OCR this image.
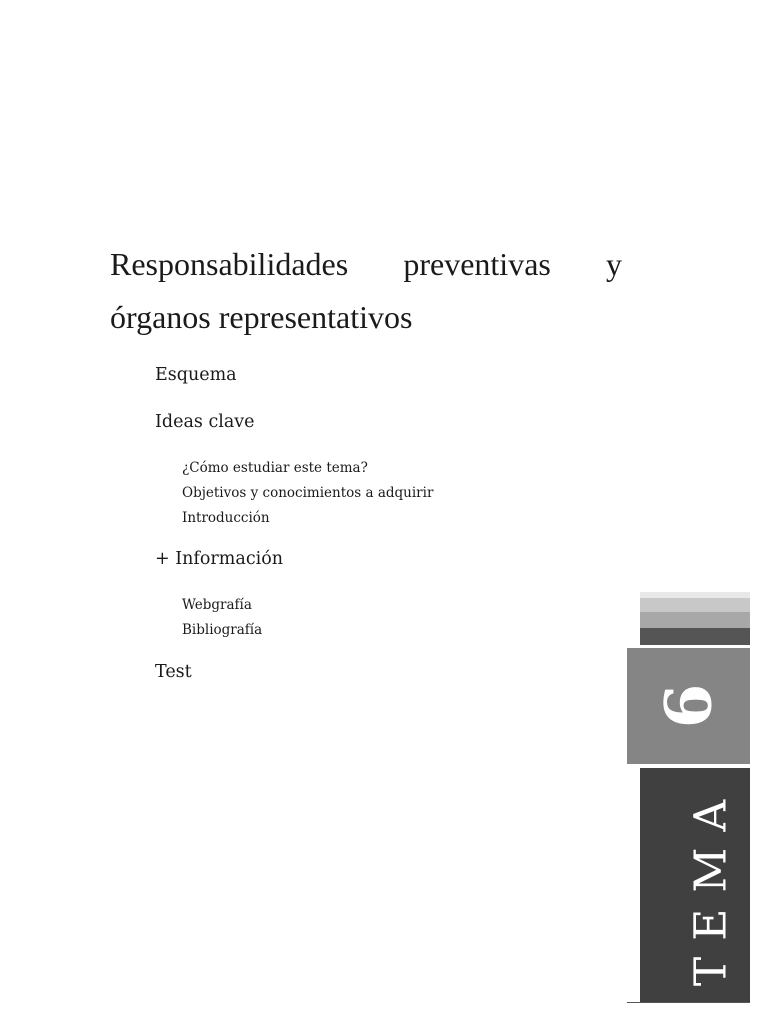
Responsabilidades preventivas y órganos representativos

Esquema

Ideas clave

¿Cómo estudiar este tema?

Objetivos y conocimientos a adquirir

Introducción

+ Información

Webgrafía

Bibliografía

Test

6
TEMA
